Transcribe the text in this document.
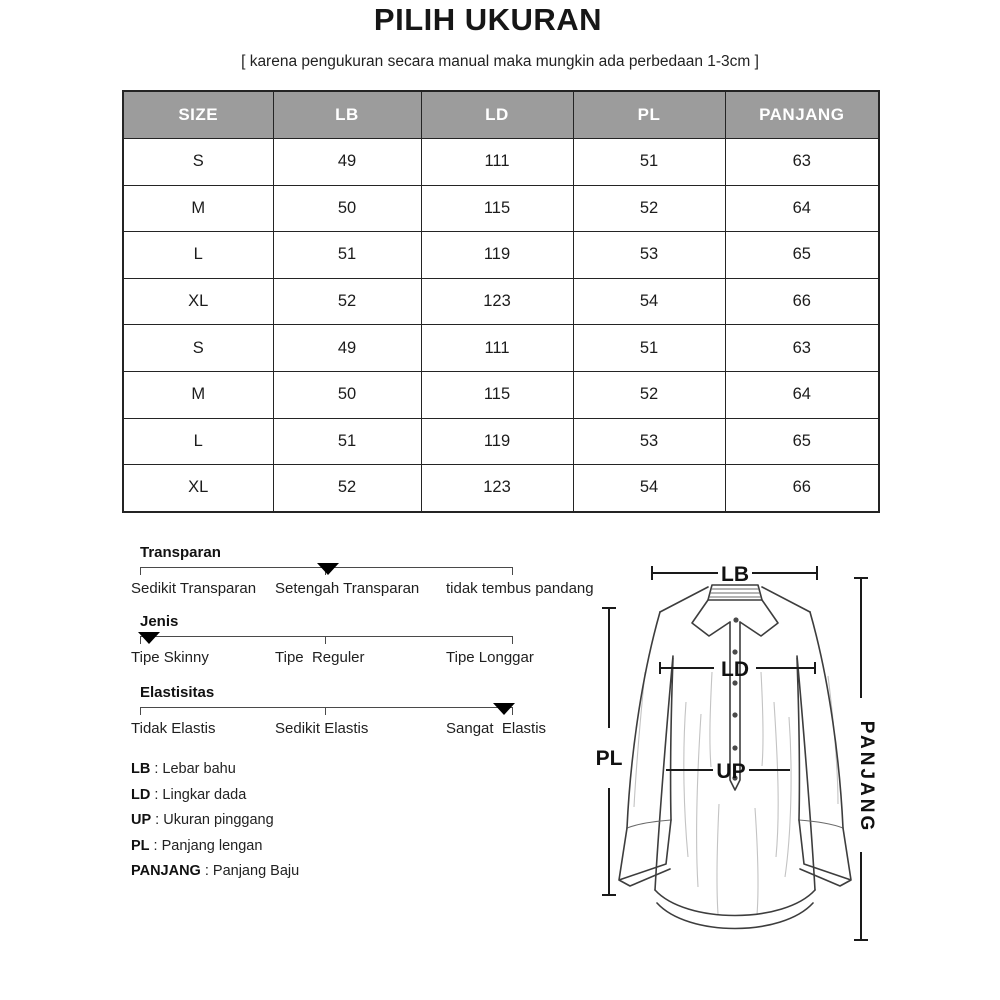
PILIH UKURAN
[ karena pengukuran secara manual maka mungkin ada perbedaan 1-3cm ]
SIZE	LB	LD	PL	PANJANG
S	49	111	51	63
M	50	115	52	64
L	51	119	53	65
XL	52	123	54	66
S	49	111	51	63
M	50	115	52	64
L	51	119	53	65
XL	52	123	54	66
Transparan
Sedikit Transparan Setengah Transparan tidak tembus pandang
Jenis
Tipe Skinny	Tipe  Reguler	Tipe Longgar
Elastisitas
Tidak Elastis	Sedikit Elastis	Sangat  Elastis
LB : Lebar bahu
LD : Lingkar dada
UP : Ukuran pinggang
PL : Panjang lengan
PANJANG : Panjang Baju
LB
LD
UP
PL	PANJANG
